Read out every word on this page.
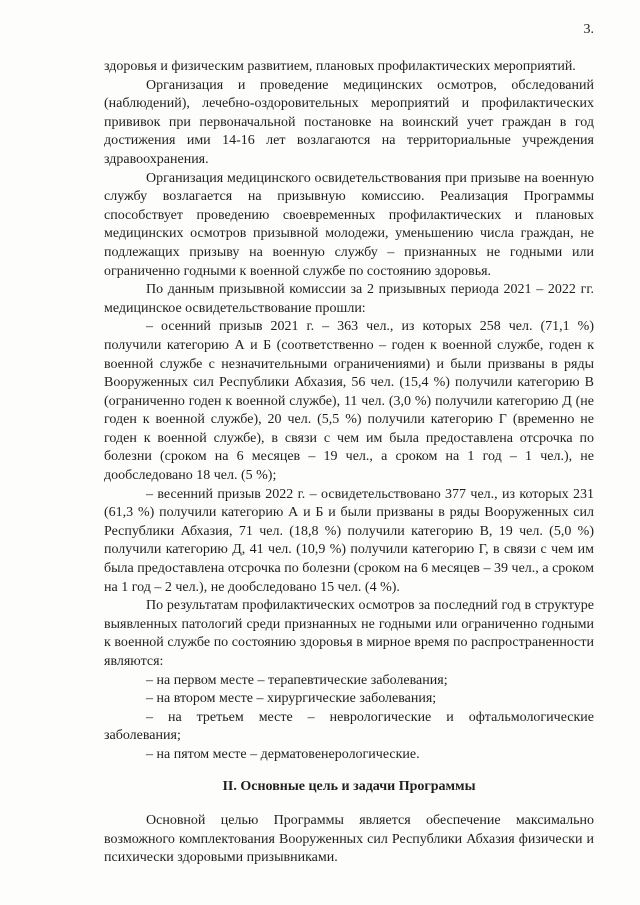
3.

здоровья и физическим развитием, плановых профилактических мероприятий.

Организация и проведение медицинских осмотров, обследований (наблюдений), лечебно-оздоровительных мероприятий и профилактических прививок при первоначальной постановке на воинский учет граждан в год достижения ими 14-16 лет возлагаются на территориальные учреждения здравоохранения.

Организация медицинского освидетельствования при призыве на военную службу возлагается на призывную комиссию. Реализация Программы способствует проведению своевременных профилактических и плановых медицинских осмотров призывной молодежи, уменьшению числа граждан, не подлежащих призыву на военную службу – признанных не годными или ограниченно годными к военной службе по состоянию здоровья.

По данным призывной комиссии за 2 призывных периода 2021 – 2022 гг. медицинское освидетельствование прошли:

– осенний призыв 2021 г. – 363 чел., из которых 258 чел. (71,1 %) получили категорию А и Б (соответственно – годен к военной службе, годен к военной службе с незначительными ограничениями) и были призваны в ряды Вооруженных сил Республики Абхазия, 56 чел. (15,4 %) получили категорию В (ограниченно годен к военной службе), 11 чел. (3,0 %) получили категорию Д (не годен к военной службе), 20 чел. (5,5 %) получили категорию Г (временно не годен к военной службе), в связи с чем им была предоставлена отсрочка по болезни (сроком на 6 месяцев – 19 чел., а сроком на 1 год – 1 чел.), не дообследовано 18 чел. (5 %);

– весенний призыв 2022 г. – освидетельствовано 377 чел., из которых 231 (61,3 %) получили категорию А и Б и были призваны в ряды Вооруженных сил Республики Абхазия, 71 чел. (18,8 %) получили категорию В, 19 чел. (5,0 %) получили категорию Д, 41 чел. (10,9 %) получили категорию Г, в связи с чем им была предоставлена отсрочка по болезни (сроком на 6 месяцев – 39 чел., а сроком на 1 год – 2 чел.), не дообследовано 15 чел. (4 %).

По результатам профилактических осмотров за последний год в структуре выявленных патологий среди признанных не годными или ограниченно годными к военной службе по состоянию здоровья в мирное время по распространенности являются:

– на первом месте – терапевтические заболевания;

– на втором месте – хирургические заболевания;

– на третьем месте – неврологические и офтальмологические заболевания;

– на пятом месте – дерматовенерологические.

II. Основные цель и задачи Программы

Основной целью Программы является обеспечение максимально возможного комплектования Вооруженных сил Республики Абхазия физически и психически здоровыми призывниками.
